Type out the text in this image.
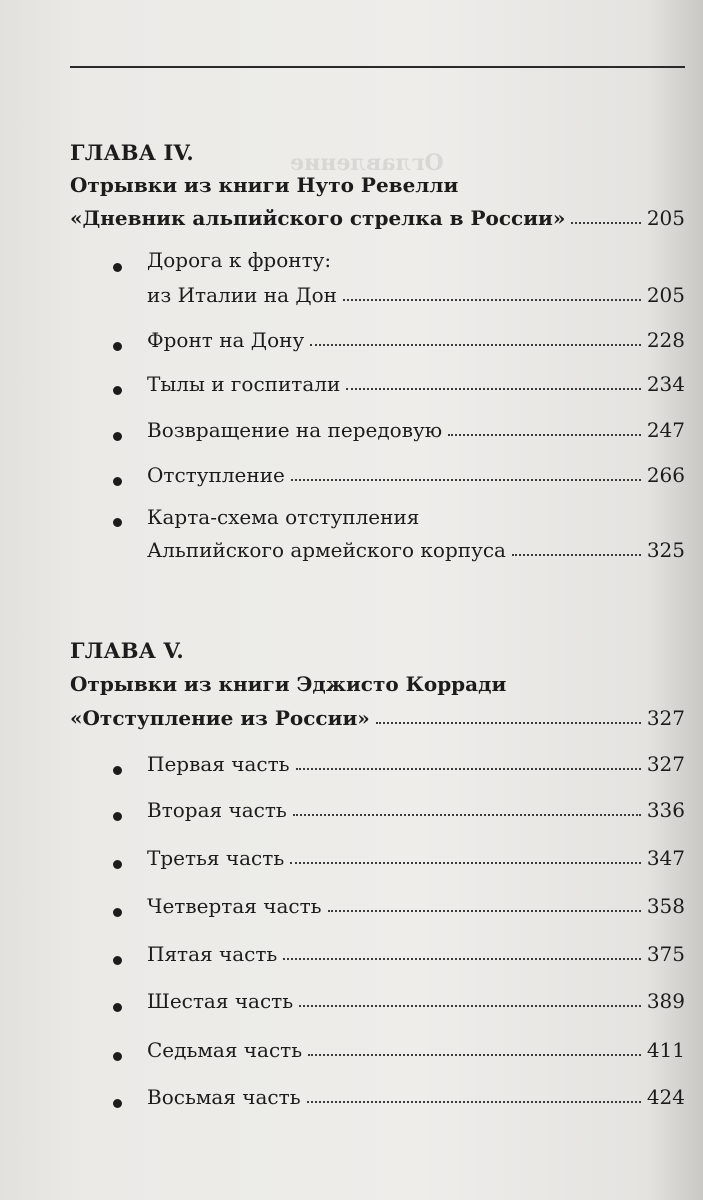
ГЛАВА IV.
Отрывки из книги Нуто Ревелли
«Дневник альпийского стрелка в России»	205
Дорога к фронту:
из Италии на Дон	205
Фронт на Дону	228
Тылы и госпитали	234
Возвращение на передовую	247
Отступление	266
Карта-схема отступления
Альпийского армейского корпуса	325
ГЛАВА V.
Отрывки из книги Эджисто Корради
«Отступление из России»	327
Первая часть	327
Вторая часть	336
Третья часть	347
Четвертая часть	358
Пятая часть	375
Шестая часть	389
Седьмая часть	411
Восьмая часть	424
Оглавление
